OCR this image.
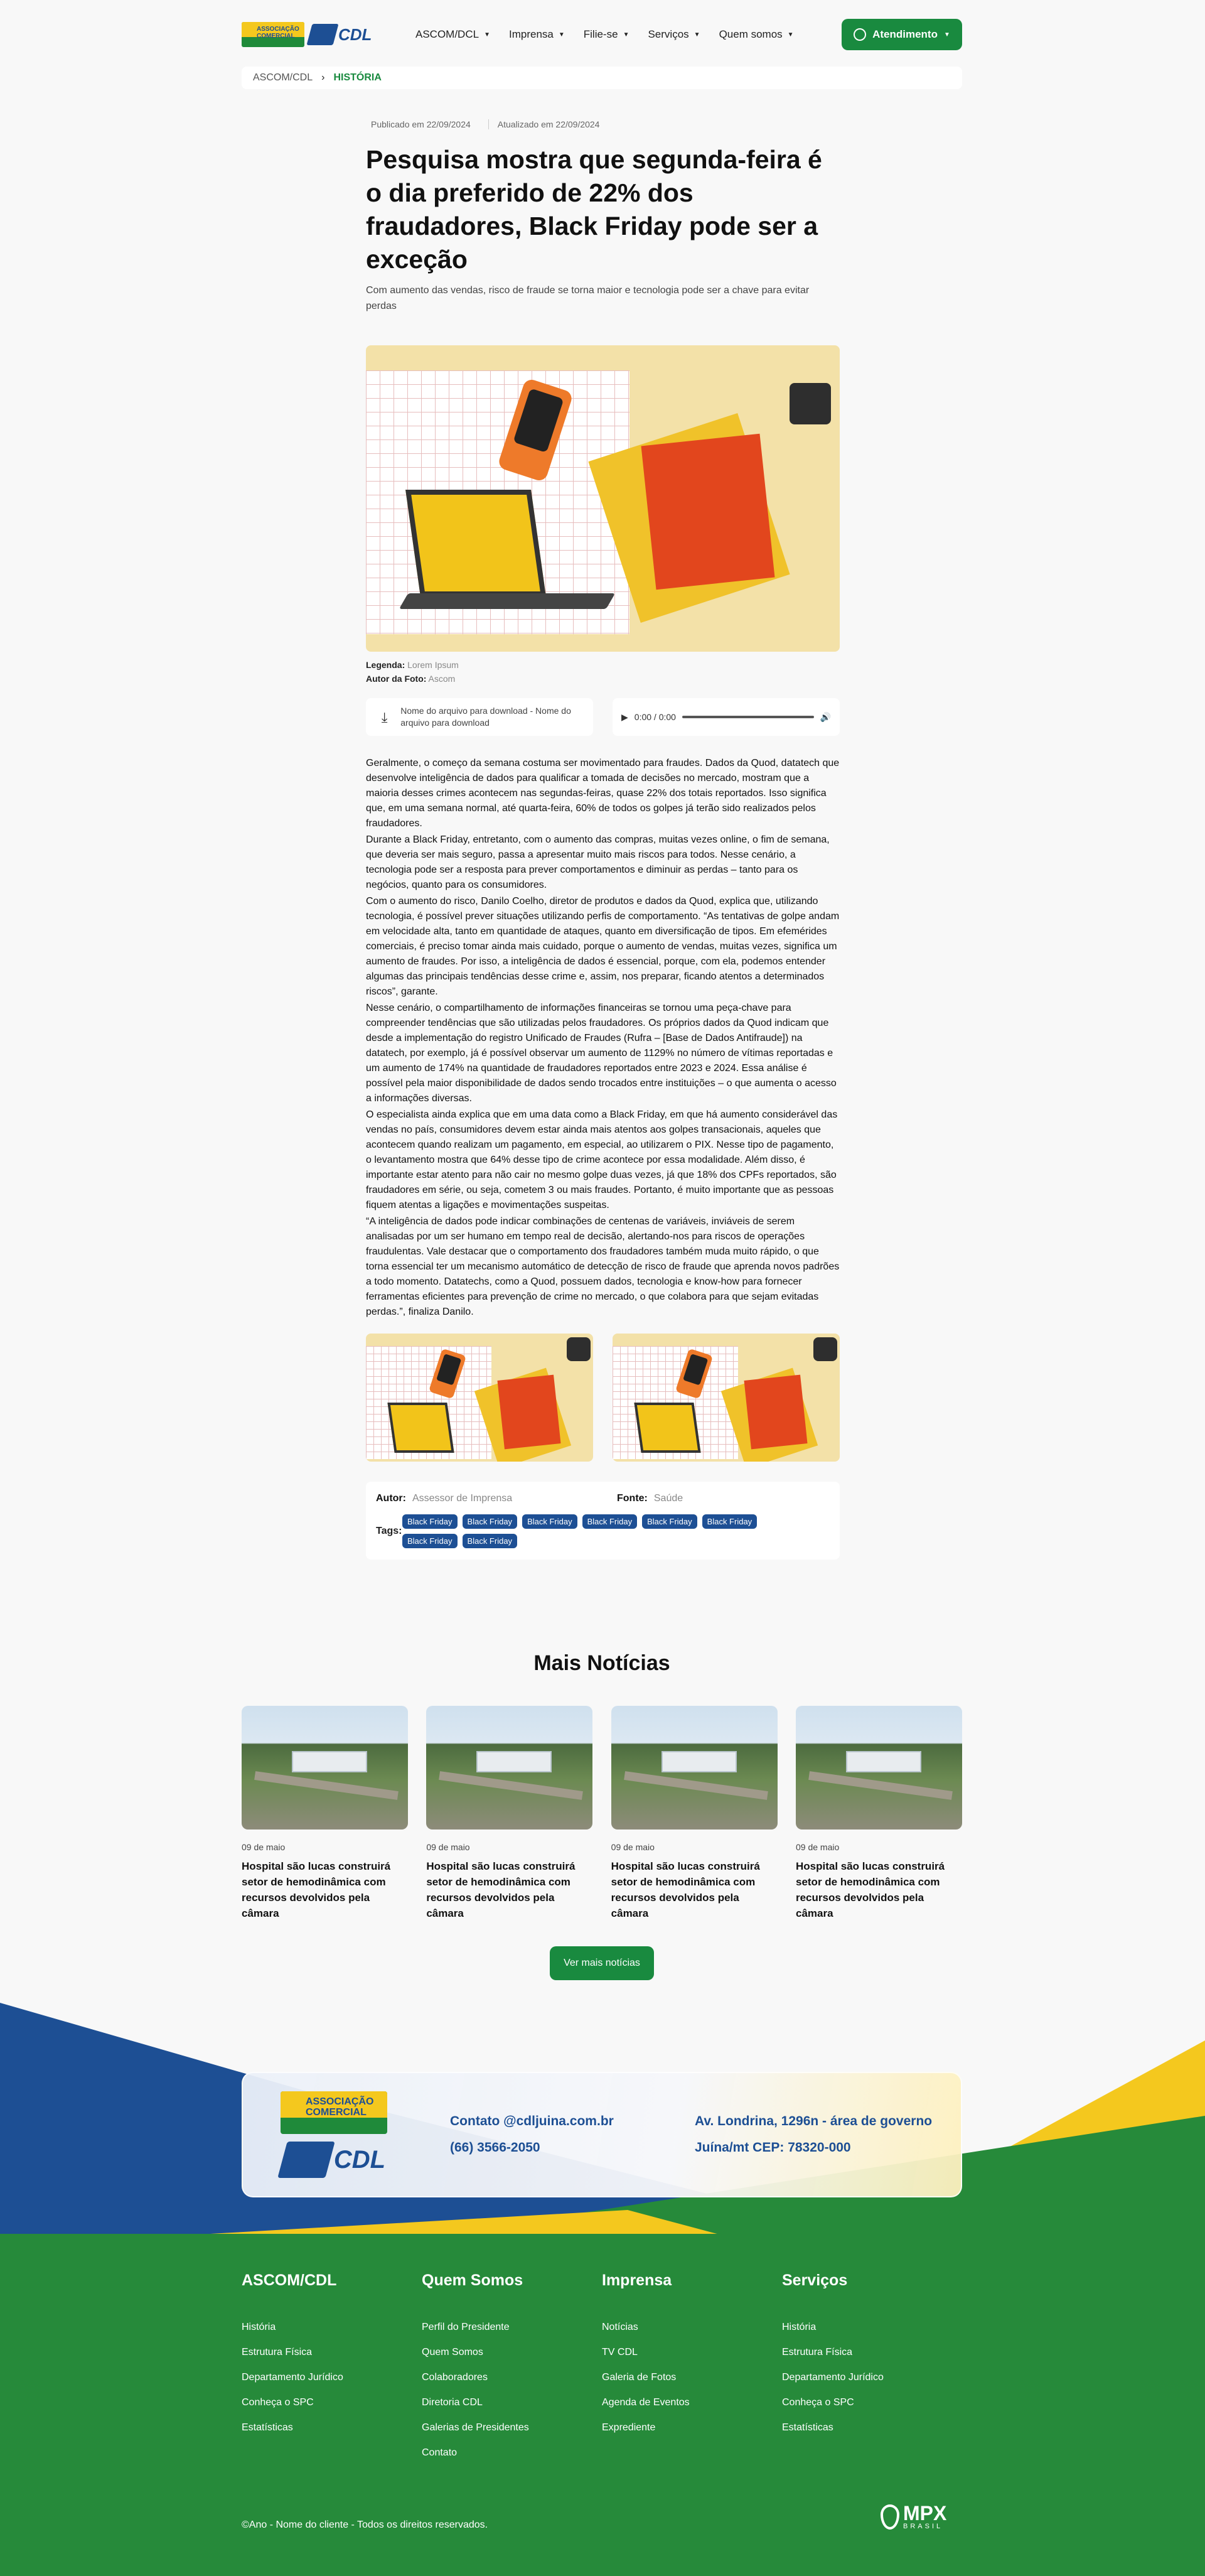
ASSOCIAÇÃO COMERCIAL	CDL	ASCOM/DCL ▼ Imprensa ▼ Filie-se ▼ Serviços ▼ Quem somos ▼	Atendimento ▼
ASCOM/CDL › HISTÓRIA
Publicado em 22/09/2024	Atualizado em 22/09/2024
Pesquisa mostra que segunda-feira é o dia preferido de 22% dos fraudadores, Black Friday pode ser a exceção

Com aumento das vendas, risco de fraude se torna maior e tecnologia pode ser a chave para evitar perdas

Legenda: Lorem Ipsum
Autor da Foto: Ascom
⤓	Nome do arquivo para download - Nome do arquivo para download
▶ 0:00 / 0:00	🔊

Geralmente, o começo da semana costuma ser movimentado para fraudes. Dados da Quod, datatech que desenvolve inteligência de dados para qualificar a tomada de decisões no mercado, mostram que a maioria desses crimes acontecem nas segundas-feiras, quase 22% dos totais reportados. Isso significa que, em uma semana normal, até quarta-feira, 60% de todos os golpes já terão sido realizados pelos fraudadores.

Durante a Black Friday, entretanto, com o aumento das compras, muitas vezes online, o fim de semana, que deveria ser mais seguro, passa a apresentar muito mais riscos para todos. Nesse cenário, a tecnologia pode ser a resposta para prever comportamentos e diminuir as perdas – tanto para os negócios, quanto para os consumidores.

Com o aumento do risco, Danilo Coelho, diretor de produtos e dados da Quod, explica que, utilizando tecnologia, é possível prever situações utilizando perfis de comportamento. “As tentativas de golpe andam em velocidade alta, tanto em quantidade de ataques, quanto em diversificação de tipos. Em efemérides comerciais, é preciso tomar ainda mais cuidado, porque o aumento de vendas, muitas vezes, significa um aumento de fraudes. Por isso, a inteligência de dados é essencial, porque, com ela, podemos entender algumas das principais tendências desse crime e, assim, nos preparar, ficando atentos a determinados riscos”, garante.

Nesse cenário, o compartilhamento de informações financeiras se tornou uma peça-chave para compreender tendências que são utilizadas pelos fraudadores. Os próprios dados da Quod indicam que desde a implementação do registro Unificado de Fraudes (Rufra – [Base de Dados Antifraude]) na datatech, por exemplo, já é possível observar um aumento de 1129% no número de vítimas reportadas e um aumento de 174% na quantidade de fraudadores reportados entre 2023 e 2024. Essa análise é possível pela maior disponibilidade de dados sendo trocados entre instituições – o que aumenta o acesso a informações diversas.

O especialista ainda explica que em uma data como a Black Friday, em que há aumento considerável das vendas no país, consumidores devem estar ainda mais atentos aos golpes transacionais, aqueles que acontecem quando realizam um pagamento, em especial, ao utilizarem o PIX. Nesse tipo de pagamento, o levantamento mostra que 64% desse tipo de crime acontece por essa modalidade. Além disso, é importante estar atento para não cair no mesmo golpe duas vezes, já que 18% dos CPFs reportados, são fraudadores em série, ou seja, cometem 3 ou mais fraudes. Portanto, é muito importante que as pessoas fiquem atentas a ligações e movimentações suspeitas.

“A inteligência de dados pode indicar combinações de centenas de variáveis, inviáveis de serem analisadas por um ser humano em tempo real de decisão, alertando-nos para riscos de operações fraudulentas. Vale destacar que o comportamento dos fraudadores também muda muito rápido, o que torna essencial ter um mecanismo automático de detecção de risco de fraude que aprenda novos padrões a todo momento. Datatechs, como a Quod, possuem dados, tecnologia e know-how para fornecer ferramentas eficientes para prevenção de crime no mercado, o que colabora para que sejam evitadas perdas.”, finaliza Danilo.

Autor: Assessor de Imprensa	Fonte: Saúde
Tags:
Black Friday	Black Friday	Black Friday	Black Friday	Black Friday	Black Friday
Black Friday	Black Friday
Mais Notícias
09 de maio
Hospital são lucas construirá setor de hemodinâmica com recursos devolvidos pela câmara
09 de maio
Hospital são lucas construirá setor de hemodinâmica com recursos devolvidos pela câmara
09 de maio
Hospital são lucas construirá setor de hemodinâmica com recursos devolvidos pela câmara
09 de maio
Hospital são lucas construirá setor de hemodinâmica com recursos devolvidos pela câmara
Ver mais notícias
ASSOCIAÇÃO COMERCIAL
CDL
Contato @cdljuina.com.br
(66) 3566-2050
Av. Londrina, 1296n - área de governo
Juína/mt CEP: 78320-000
ASCOM/CDL
História
Estrutura Física
Departamento Jurídico
Conheça o SPC
Estatísticas
Quem Somos
Perfil do Presidente
Quem Somos
Colaboradores
Diretoria CDL
Galerias de Presidentes
Contato
Imprensa
Notícias
TV CDL
Galeria de Fotos
Agenda de Eventos
Exprediente
Serviços
História
Estrutura Física
Departamento Jurídico
Conheça o SPC
Estatísticas
©Ano - Nome do cliente - Todos os direitos reservados.
MPX
BRASIL
